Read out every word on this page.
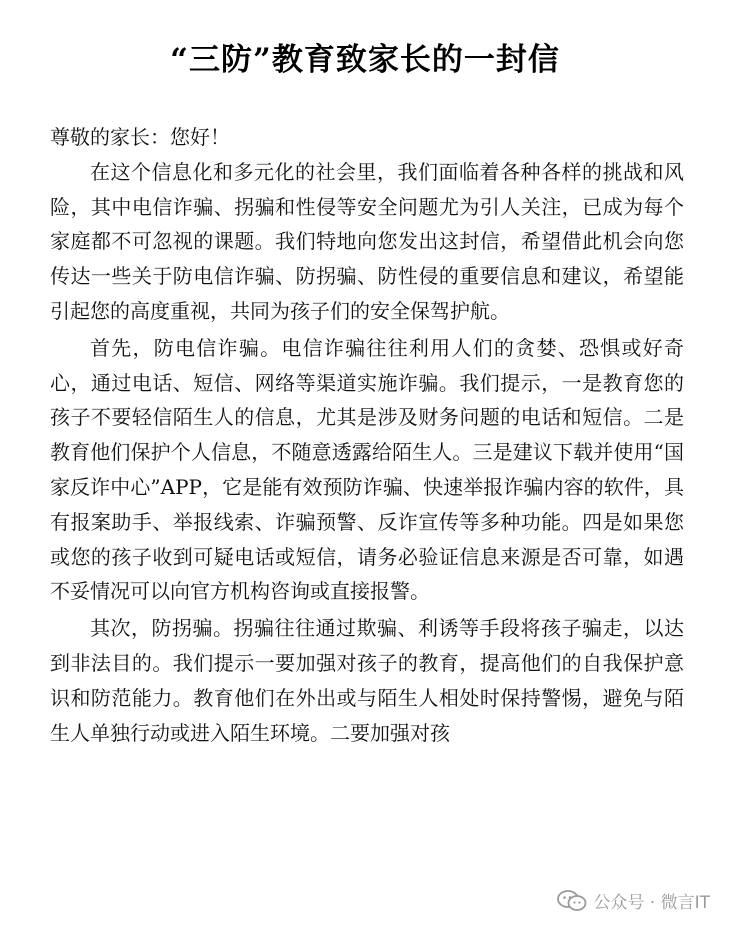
“三防”教育致家长的一封信

尊敬的家长：您好！

在这个信息化和多元化的社会里，我们面临着各种各样的挑战和风险，其中电信诈骗、拐骗和性侵等安全问题尤为引人关注，已成为每个家庭都不可忽视的课题。我们特地向您发出这封信，希望借此机会向您传达一些关于防电信诈骗、防拐骗、防性侵的重要信息和建议，希望能引起您的高度重视，共同为孩子们的安全保驾护航。

首先，防电信诈骗。电信诈骗往往利用人们的贪婪、恐惧或好奇心，通过电话、短信、网络等渠道实施诈骗。我们提示，一是教育您的孩子不要轻信陌生人的信息，尤其是涉及财务问题的电话和短信。二是教育他们保护个人信息，不随意透露给陌生人。三是建议下载并使用“国家反诈中心”APP，它是能有效预防诈骗、快速举报诈骗内容的软件，具有报案助手、举报线索、诈骗预警、反诈宣传等多种功能。四是如果您或您的孩子收到可疑电话或短信，请务必验证信息来源是否可靠，如遇不妥情况可以向官方机构咨询或直接报警。

其次，防拐骗。拐骗往往通过欺骗、利诱等手段将孩子骗走，以达到非法目的。我们提示一要加强对孩子的教育，提高他们的自我保护意识和防范能力。教育他们在外出或与陌生人相处时保持警惕，避免与陌生人单独行动或进入陌生环境。二要加强对孩

公众号 · 微言IT
